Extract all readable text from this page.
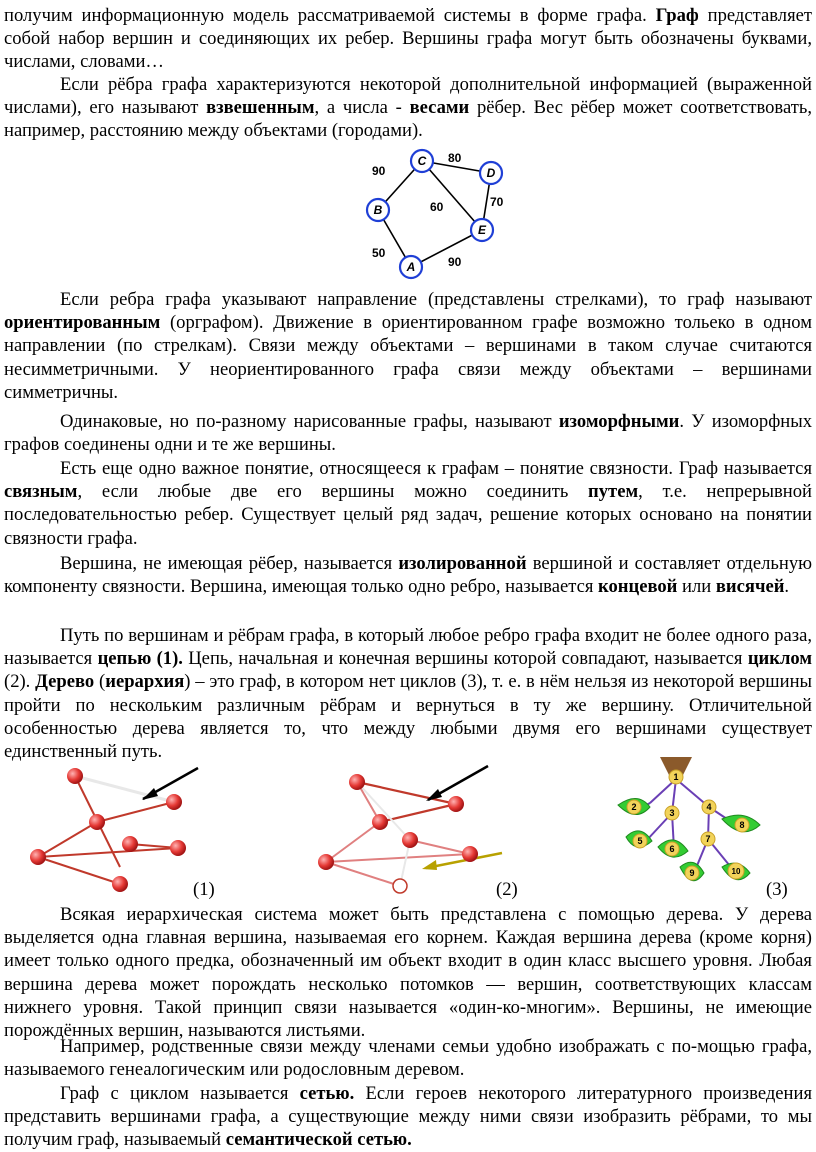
получим информационную модель рассматриваемой системы в форме графа. Граф представляет собой набор вершин и соединяющих их ребер. Вершины графа могут быть обозначены буквами, числами, словами…

Если рёбра графа характеризуются некоторой дополнительной информацией (выраженной числами), его называют взвешенным, а числа - весами рёбер. Вес рёбер может соответствовать, например, расстоянию между объектами (городами).

C
D
B
E
A
80
90
70
60
50
90

Если ребра графа указывают направление (представлены стрелками), то граф называют ориентированным (орграфом). Движение в ориентированном графе возможно тольеко в одном направлении (по стрелкам). Связи между объектами – вершинами в таком случае считаются несимметричными. У неориентированного графа связи между объектами – вершинами симметричны.

Одинаковые, но по-разному нарисованные графы, называют изоморфными. У изоморфных графов соединены одни и те же вершины.

Есть еще одно важное понятие, относящееся к графам – понятие связности. Граф называется связным, если любые две его вершины можно соединить путем, т.е. непрерывной последовательностью ребер. Существует целый ряд задач, решение которых основано на понятии связности графа.

Вершина, не имеющая рёбер, называется изолированной вершиной и составляет отдельную компоненту связности. Вершина, имеющая только одно ребро, называется концевой или висячей.

Путь по вершинам и рёбрам графа, в который любое ребро графа входит не более одного раза, называется цепью (1). Цепь, начальная и конечная вершины которой совпадают, называется циклом (2). Дерево (иерархия) – это граф, в котором нет циклов (3), т. е. в нём нельзя из некоторой вершины пройти по нескольким различным рёбрам и вернуться в ту же вершину. Отличительной особенностью дерева является то, что между любыми двумя его вершинами существует единственный путь.

(1)	(2)
1
2
3
4
5
6
7
8
9	10
(3)

Всякая иерархическая система может быть представлена с помощью дерева. У дерева выделяется одна главная вершина, называемая его корнем. Каждая вершина дерева (кроме корня) имеет только одного предка, обозначенный им объект входит в один класс высшего уровня. Любая вершина дерева может порождать несколько потомков — вершин, соответствующих классам нижнего уровня. Такой принцип связи называется «один-ко-многим». Вершины, не имеющие порождённых вершин, называются листьями.

Например, родственные связи между членами семьи удобно изображать с по-мощью графа, называемого генеалогическим или родословным деревом.

Граф с циклом называется сетью. Если героев некоторого литературного произведения представить вершинами графа, а существующие между ними связи изобразить рёбрами, то мы получим граф, называемый семантической сетью.
